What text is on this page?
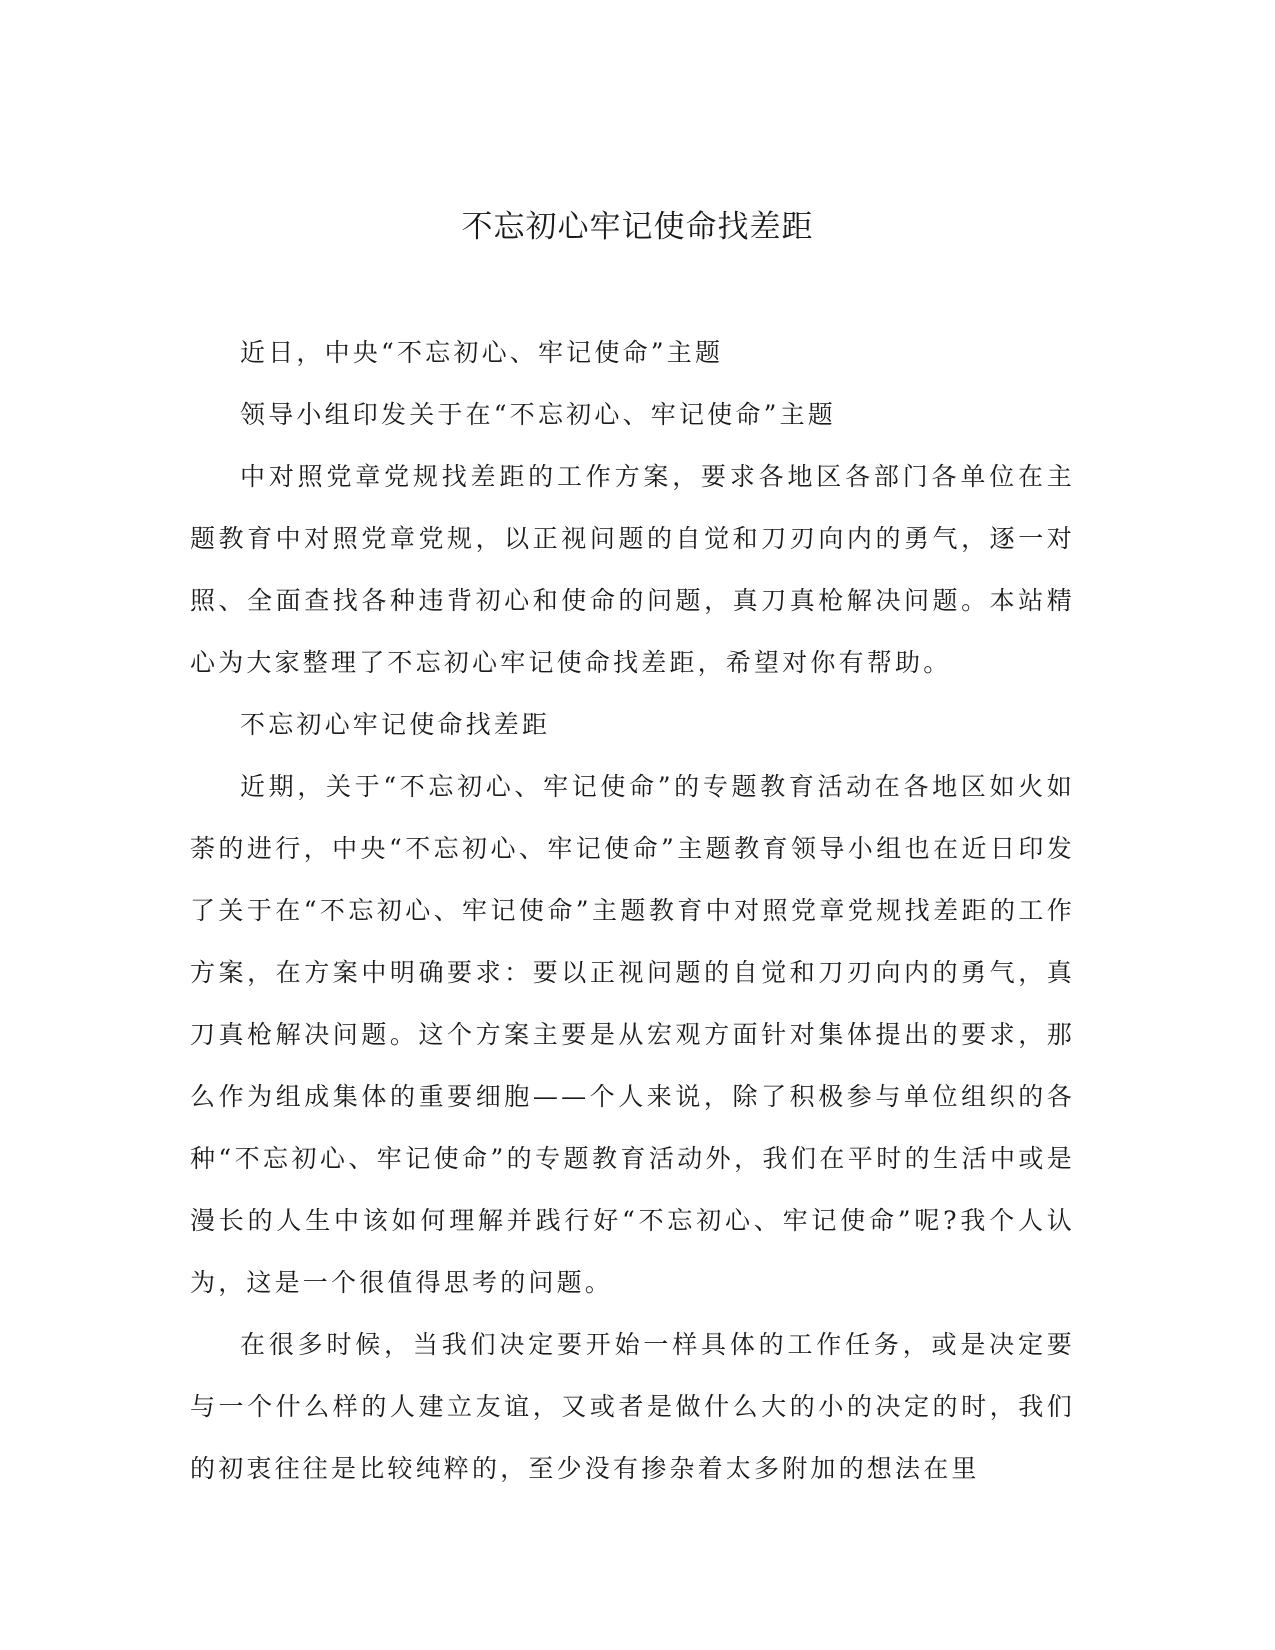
不忘初心牢记使命找差距

近日，中央“不忘初心、牢记使命”主题

领导小组印发关于在“不忘初心、牢记使命”主题

中对照党章党规找差距的工作方案，要求各地区各部门各单位在主题教育中对照党章党规，以正视问题的自觉和刀刃向内的勇气，逐一对照、全面查找各种违背初心和使命的问题，真刀真枪解决问题。本站精心为大家整理了不忘初心牢记使命找差距，希望对你有帮助。

不忘初心牢记使命找差距

近期，关于“不忘初心、牢记使命”的专题教育活动在各地区如火如荼的进行，中央“不忘初心、牢记使命”主题教育领导小组也在近日印发了关于在“不忘初心、牢记使命”主题教育中对照党章党规找差距的工作方案，在方案中明确要求：要以正视问题的自觉和刀刃向内的勇气，真刀真枪解决问题。这个方案主要是从宏观方面针对集体提出的要求，那么作为组成集体的重要细胞——个人来说，除了积极参与单位组织的各种“不忘初心、牢记使命”的专题教育活动外，我们在平时的生活中或是漫长的人生中该如何理解并践行好“不忘初心、牢记使命”呢?我个人认为，这是一个很值得思考的问题。

在很多时候，当我们决定要开始一样具体的工作任务，或是决定要与一个什么样的人建立友谊，又或者是做什么大的小的决定的时，我们的初衷往往是比较纯粹的，至少没有掺杂着太多附加的想法在里
